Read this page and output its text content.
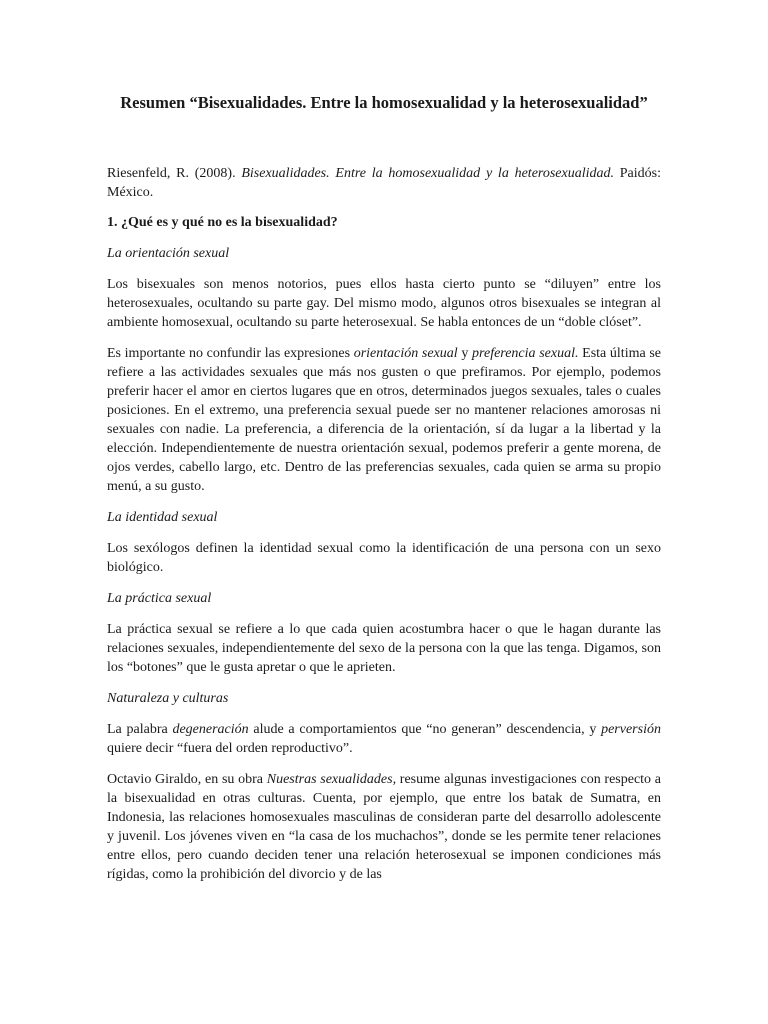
Resumen “Bisexualidades. Entre la homosexualidad y la heterosexualidad”

Riesenfeld, R. (2008). Bisexualidades. Entre la homosexualidad y la heterosexualidad. Paidós: México.

1. ¿Qué es y qué no es la bisexualidad?
La orientación sexual

Los bisexuales son menos notorios, pues ellos hasta cierto punto se “diluyen” entre los heterosexuales, ocultando su parte gay. Del mismo modo, algunos otros bisexuales se integran al ambiente homosexual, ocultando su parte heterosexual. Se habla entonces de un “doble clóset”.

Es importante no confundir las expresiones orientación sexual y preferencia sexual. Esta última se refiere a las actividades sexuales que más nos gusten o que prefiramos. Por ejemplo, podemos preferir hacer el amor en ciertos lugares que en otros, determinados juegos sexuales, tales o cuales posiciones. En el extremo, una preferencia sexual puede ser no mantener relaciones amorosas ni sexuales con nadie. La preferencia, a diferencia de la orientación, sí da lugar a la libertad y la elección. Independientemente de nuestra orientación sexual, podemos preferir a gente morena, de ojos verdes, cabello largo, etc. Dentro de las preferencias sexuales, cada quien se arma su propio menú, a su gusto.

La identidad sexual

Los sexólogos definen la identidad sexual como la identificación de una persona con un sexo biológico.

La práctica sexual

La práctica sexual se refiere a lo que cada quien acostumbra hacer o que le hagan durante las relaciones sexuales, independientemente del sexo de la persona con la que las tenga. Digamos, son los “botones” que le gusta apretar o que le aprieten.

Naturaleza y culturas

La palabra degeneración alude a comportamientos que “no generan” descendencia, y perversión quiere decir “fuera del orden reproductivo”.

Octavio Giraldo, en su obra Nuestras sexualidades, resume algunas investigaciones con respecto a la bisexualidad en otras culturas. Cuenta, por ejemplo, que entre los batak de Sumatra, en Indonesia, las relaciones homosexuales masculinas de consideran parte del desarrollo adolescente y juvenil. Los jóvenes viven en “la casa de los muchachos”, donde se les permite tener relaciones entre ellos, pero cuando deciden tener una relación heterosexual se imponen condiciones más rígidas, como la prohibición del divorcio y de las
